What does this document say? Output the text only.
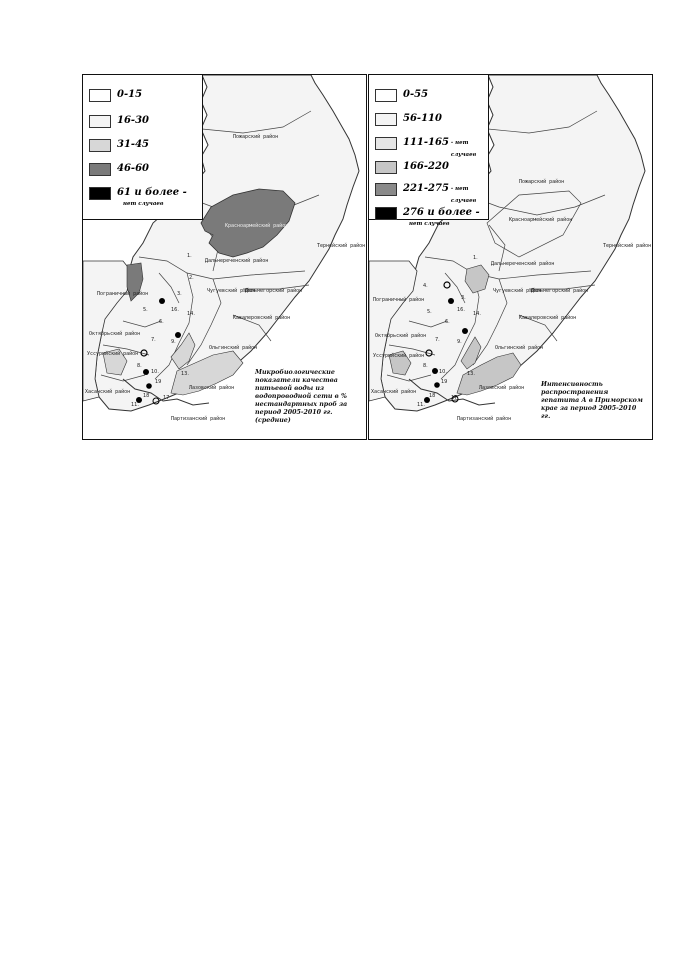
0-15
16-30
31-45
46-60
61 и более -
нет случаев
Пожарский район
Красноармейский район
Тернейский район
Дальнереченский район
Пограничный район	Чугуевский район
Дальнегорский район
Кавалеровский район
Октябрьский район
Ольгинский район
Уссурийский район
Лазовский район
Хасанский район
Партизанский район
1.
2.
3.
5.
6.
7.
8.
9.
10.
11.
13.
14.
16.
18
19
17
Микробиологические показатели качества питьевой воды из водопроводной сети в % нестандартных проб за период 2005-2010 гг. (средние)
0-55
56-110
111-165 - нет случаев
166-220
221-275 - нет случаев
276 и более -
нет случаев
Пожарский район
Красноармейский район
Тернейский район
Дальнереченский район
Пограничный район
Чугуевский район
Дальнегорский район
Кавалеровский район
Октябрьский район
Ольгинский район
Уссурийский район
Лазовский район
Хасанский район
Партизанский район
1.
3.
4.
5.
6.
7.
8.
9.
10.
11.
13.
14.
16.
18
19
17
Интенсивность распространения гепатита А в Приморском крае за период 2005-2010 гг.
